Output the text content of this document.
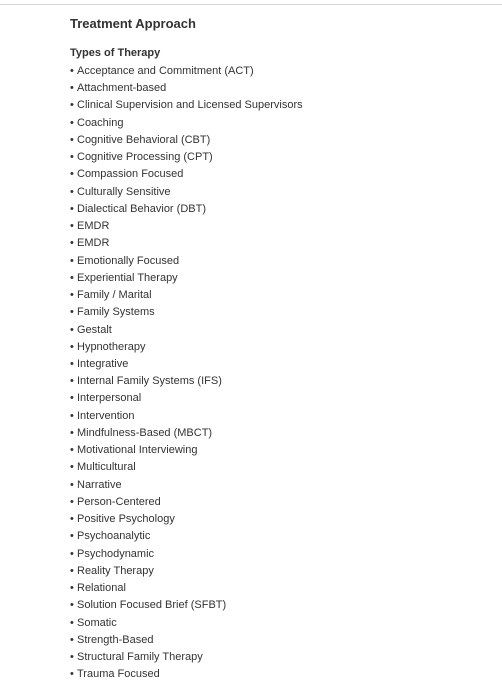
Treatment Approach
Types of Therapy
• Acceptance and Commitment (ACT)
• Attachment-based
• Clinical Supervision and Licensed Supervisors
• Coaching
• Cognitive Behavioral (CBT)
• Cognitive Processing (CPT)
• Compassion Focused
• Culturally Sensitive
• Dialectical Behavior (DBT)
• EMDR
• EMDR
• Emotionally Focused
• Experiential Therapy
• Family / Marital
• Family Systems
• Gestalt
• Hypnotherapy
• Integrative
• Internal Family Systems (IFS)
• Interpersonal
• Intervention
• Mindfulness-Based (MBCT)
• Motivational Interviewing
• Multicultural
• Narrative
• Person-Centered
• Positive Psychology
• Psychoanalytic
• Psychodynamic
• Reality Therapy
• Relational
• Solution Focused Brief (SFBT)
• Somatic
• Strength-Based
• Structural Family Therapy
• Trauma Focused
